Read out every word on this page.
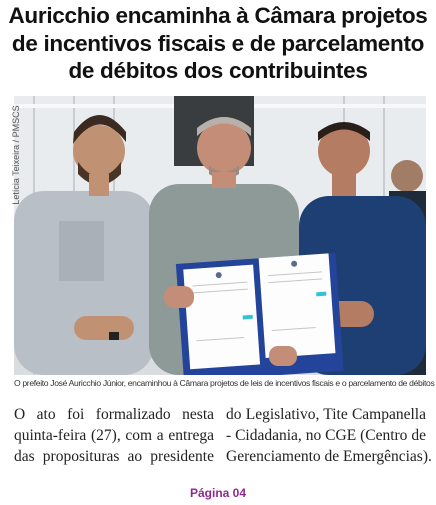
Auricchio encaminha à Câmara projetos
de incentivos fiscais e de parcelamento
de débitos dos contribuintes
Letícia Teixeira / PMSCS
O prefeito José Auricchio Júnior, encaminhou à Câmara projetos de leis de incentivos fiscais e o parcelamento de débitos
O ato foi formalizado nesta
quinta-feira (27), com a entrega
das proposituras ao presidente
do Legislativo, Tite Campanella
- Cidadania, no CGE (Centro de
Gerenciamento de Emergências).
Página 04
